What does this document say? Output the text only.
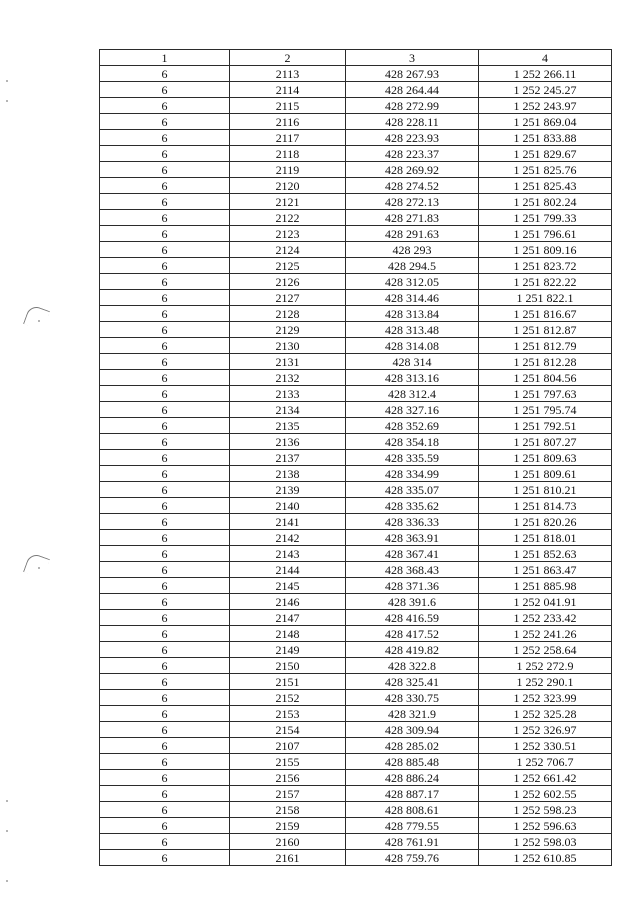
1	2	3	4
6	2113	428 267.93	1 252 266.11
6	2114	428 264.44	1 252 245.27
6	2115	428 272.99	1 252 243.97
6	2116	428 228.11	1 251 869.04
6	2117	428 223.93	1 251 833.88
6	2118	428 223.37	1 251 829.67
6	2119	428 269.92	1 251 825.76
6	2120	428 274.52	1 251 825.43
6	2121	428 272.13	1 251 802.24
6	2122	428 271.83	1 251 799.33
6	2123	428 291.63	1 251 796.61
6	2124	428 293	1 251 809.16
6	2125	428 294.5	1 251 823.72
6	2126	428 312.05	1 251 822.22
6	2127	428 314.46	1 251 822.1
6	2128	428 313.84	1 251 816.67
6	2129	428 313.48	1 251 812.87
6	2130	428 314.08	1 251 812.79
6	2131	428 314	1 251 812.28
6	2132	428 313.16	1 251 804.56
6	2133	428 312.4	1 251 797.63
6	2134	428 327.16	1 251 795.74
6	2135	428 352.69	1 251 792.51
6	2136	428 354.18	1 251 807.27
6	2137	428 335.59	1 251 809.63
6	2138	428 334.99	1 251 809.61
6	2139	428 335.07	1 251 810.21
6	2140	428 335.62	1 251 814.73
6	2141	428 336.33	1 251 820.26
6	2142	428 363.91	1 251 818.01
6	2143	428 367.41	1 251 852.63
6	2144	428 368.43	1 251 863.47
6	2145	428 371.36	1 251 885.98
6	2146	428 391.6	1 252 041.91
6	2147	428 416.59	1 252 233.42
6	2148	428 417.52	1 252 241.26
6	2149	428 419.82	1 252 258.64
6	2150	428 322.8	1 252 272.9
6	2151	428 325.41	1 252 290.1
6	2152	428 330.75	1 252 323.99
6	2153	428 321.9	1 252 325.28
6	2154	428 309.94	1 252 326.97
6	2107	428 285.02	1 252 330.51
6	2155	428 885.48	1 252 706.7
6	2156	428 886.24	1 252 661.42
6	2157	428 887.17	1 252 602.55
6	2158	428 808.61	1 252 598.23
6	2159	428 779.55	1 252 596.63
6	2160	428 761.91	1 252 598.03
6	2161	428 759.76	1 252 610.85
